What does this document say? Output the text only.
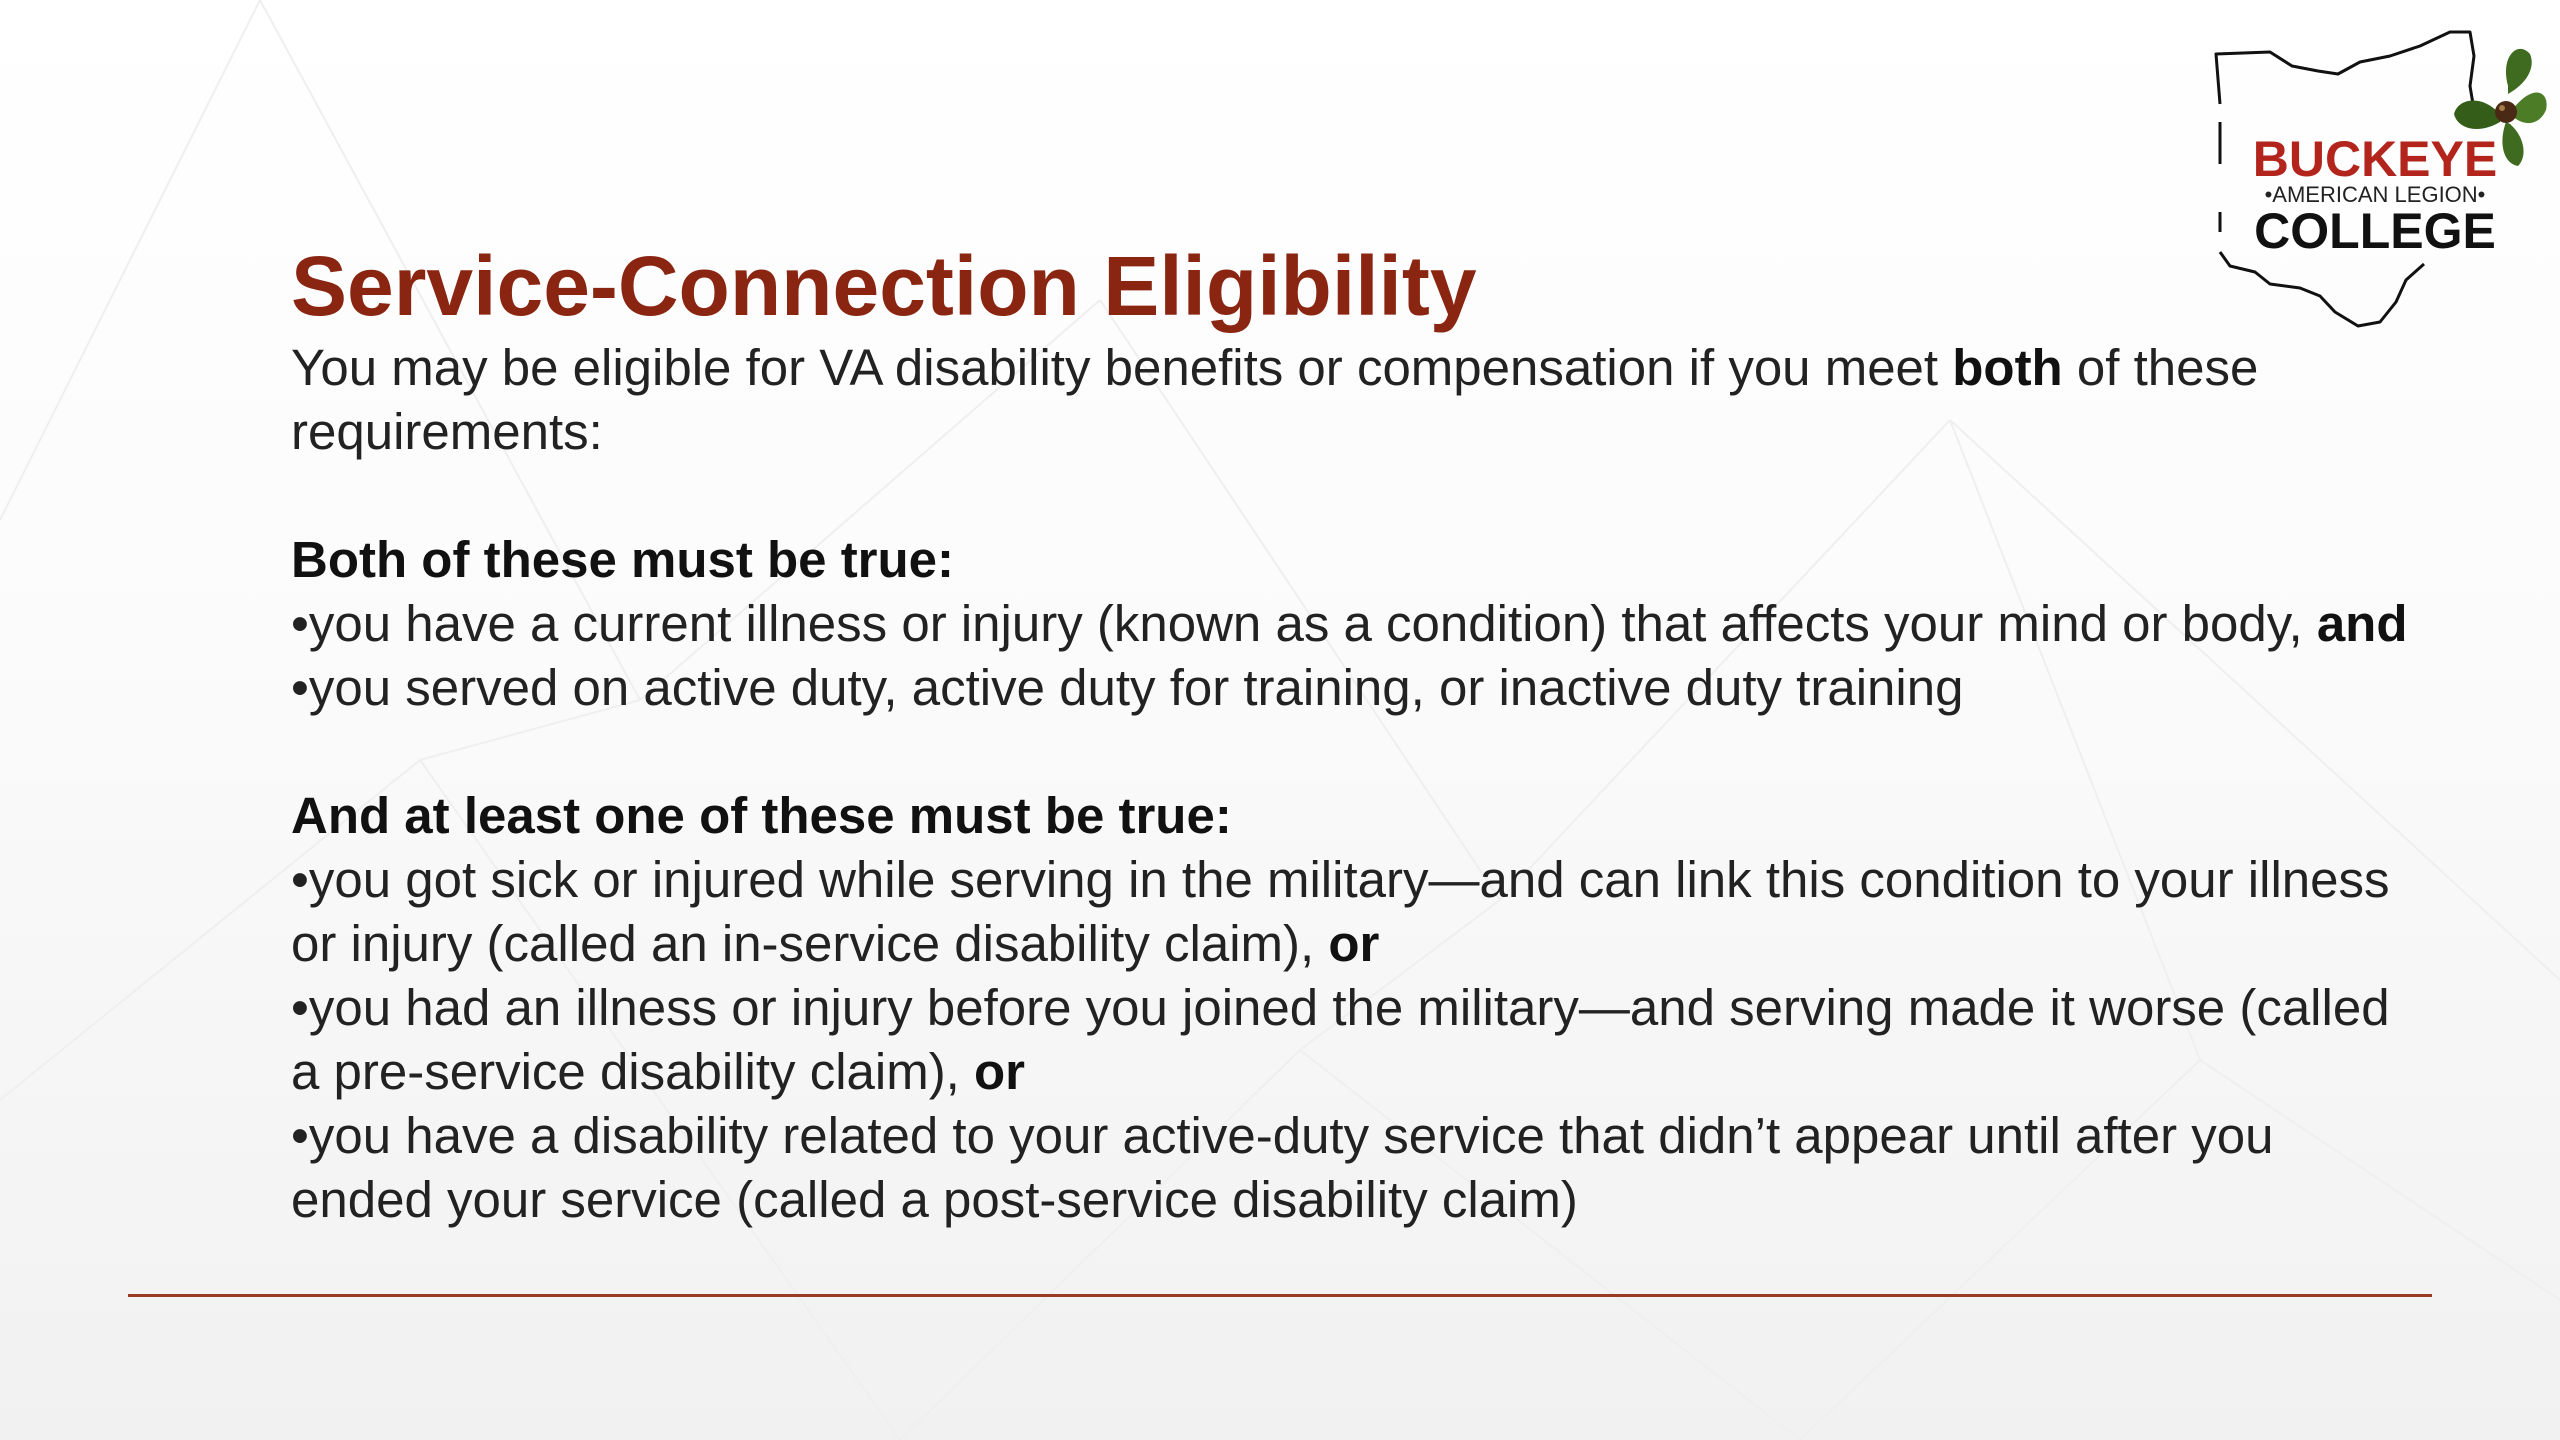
BUCKEYE
•AMERICAN LEGION•
COLLEGE
Service-Connection Eligibility

You may be eligible for VA disability benefits or compensation if you meet both of these requirements:

Both of these must be true:

•you have a current illness or injury (known as a condition) that affects your mind or body, and

•you served on active duty, active duty for training, or inactive duty training

And at least one of these must be true:

•you got sick or injured while serving in the military—and can link this condition to your illness or injury (called an in-service disability claim), or

•you had an illness or injury before you joined the military—and serving made it worse (called a pre-service disability claim), or

•you have a disability related to your active-duty service that didn’t appear until after you ended your service (called a post-service disability claim)
